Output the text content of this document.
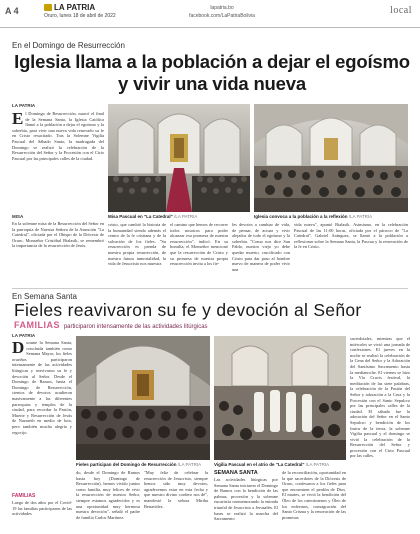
A 4	LA PATRIA
Oruro, lunes 18 de abril de 2022
lapatria.bo
facebook.com/LaPatriaBolivia	local
En el Domingo de Resurrección
Iglesia llama a la población a dejar el egoísmo y vivir una vida nueva
LA PATRIA
El Domingo de Resurrección, marcó el final de la Semana Santa, la Iglesia Católica llamó a la población a dejar el egoísmo y la soberbia, para vivir una nueva vida renovado su fe en Cristo resucitado. Tras la Solemne Vigilia Pascual del Sábado Santo, la madrugada del Domingo se realizó la celebración de la Resurrección del Señor y la Procesión con el Cirio Pascual por las principales calles de la ciudad.
MISA
En la solemne misa de la Resurrección del Señor en la parroquia de Nuestra Señora de la Asunción "La Catedral", oficiada por el Obispo de la Diócesis de Oruro, Monseñor Cristóbal Bialasik, se remembró la importancia de la resurrección de Jesús.
Misa Pascual en "La Catedral" /LA PATRIA	Iglesia convoca a la población a la reflexión /LA PATRIA
cristo, que cambió la historia de la humanidad siendo además el centro de la fe cristiana y de la salvación de los fieles. "Su resurrección es prenda de nuestra propia resurrección, de nuestra futura inmortalidad, la vida de Jesucristo nos muestra
el camino que hemos de recorrer todos nosotros para poder alcanzar esa promesa de nuestra resurrección", indicó. En su homilía, el Monseñor mencionó que la resurrección de Cristo y su promesa de nuestra propia resurrección invita a los fie-
les devotos a cambiar de vida, de pensar, de actuar y vivir alejados de todo el egoísmo y la soberbia. "Como nos dice San Pablo, nuestro viejo yo debe quedar muerto, crucificado con Cristo para dar paso al hombre nuevo de manera de poder vivir una
vida nueva", apuntó Bialasik. Asimismo, en la celebración Pascual de las 11:00 horas, oficiada por el párroco de "La Catedral", Gabriel Aránguez, se llamó a la población a reflexionar sobre la Semana Santa, la Pascua y la renovación de la fe en Cristo.
En Semana Santa
Fieles reavivaron su fe y devoción al Señor
FAMILIAS participaron intensamente de las actividades litúrgicas
LA PATRIA
Durante la Semana Santa, concluida también como Semana Mayor, los fieles oruriños participaron intensamente de las actividades litúrgicas y reavivaron su fe y devoción al Señor. Desde el Domingo de Ramos, hasta el Domingo de Resurrección, cientos de devotos acudieron masivamente a las diferentes parroquias y templos de la ciudad, para recordar la Pasión, Muerte y Resurrección de Jesús de Nazareth en medio de luto, pero también mucha alegría y regocijo.
FAMILIAS
Luego de dos años por el Covid-19 las familias participaron de las actividades
Fieles participan del Domingo de Resurrección /LA PATRIA	Vigilia Pascual en el atrio de "La Catedral" /LA PATRIA
do, desde el Domingo de Ramos hasta hoy (Domingo de Resurrección), hemos vivido juntos como familia, muy felices de vivir la resurrección de nuestro Señor, siempre estamos agradecidos y es una oportunidad muy hermosa nuestra devoción", señaló el padre de familia Carlos Martínez.
"Muy feliz de celebrar la resurrección de Jesucristo, siempre hemos sido muy devotos, agradecemos estar en esta fecha y que nuestro divino cordero nos dé", manifestó la señora Mirtha Benavídez.
SEMANA SANTA
Las actividades litúrgicas por Semana Santa iniciaron el Domingo de Ramos con la bendición de las palmas, procesión y la solemne eucaristía conmemorando la entrada triunfal de Jesucristo a Jerusalén. El lunes se realizó la marcha del Sacramento
de la reconciliación, oportunidad en la que sacerdotes de la Diócesis de Oruro, confesaron a los fieles para que encuentren el perdón de Dios. El martes, se vivió la bendición del Óleo de los catecúmenos y Óleo de los enfermos, consagración del Santo Crisma y la renovación de las promesas
sacerdotales, mientras que el miércoles se vivió una jornada de confesiones. El jueves en la noche se realizó la celebración de la Cena del Señor y la Adoración del Santísimo Sacramento hasta la medianoche. El viernes se hizo la Vía Crucis festival, la meditación de las siete palabras, la celebración de la Pasión del Señor y adoración a la Cruz y la Procesión con el Santo Sepulcro por las principales calles de la ciudad. El sábado fue la adoración del Señor en el Santo Sepulcro y bendición de los frutos de la tierra, la solemne Vigilia pascual y el domingo se vivió la celebración de la Resurrección del Señor y procesión con el Cirio Pascual por las calles.
